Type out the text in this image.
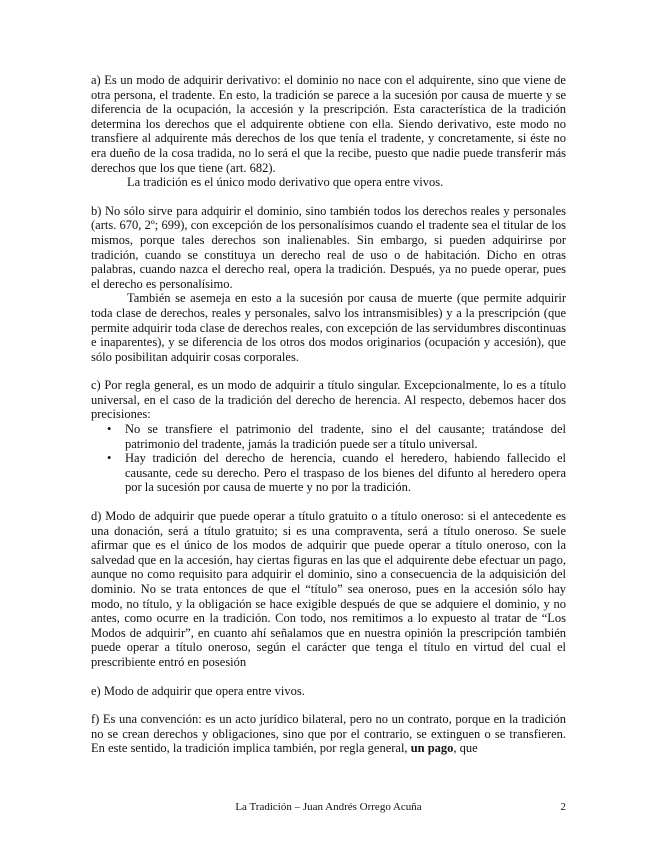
a) Es un modo de adquirir derivativo: el dominio no nace con el adquirente, sino que viene de otra persona, el tradente. En esto, la tradición se parece a la sucesión por causa de muerte y se diferencia de la ocupación, la accesión y la prescripción. Esta característica de la tradición determina los derechos que el adquirente obtiene con ella. Siendo derivativo, este modo no transfiere al adquirente más derechos de los que tenía el tradente, y concretamente, si éste no era dueño de la cosa tradida, no lo será el que la recibe, puesto que nadie puede transferir más derechos que los que tiene (art. 682).

La tradición es el único modo derivativo que opera entre vivos.

b) No sólo sirve para adquirir el dominio, sino también todos los derechos reales y personales (arts. 670, 2º; 699), con excepción de los personalísimos cuando el tradente sea el titular de los mismos, porque tales derechos son inalienables. Sin embargo, si pueden adquirirse por tradición, cuando se constituya un derecho real de uso o de habitación. Dicho en otras palabras, cuando nazca el derecho real, opera la tradición. Después, ya no puede operar, pues el derecho es personalísimo.

También se asemeja en esto a la sucesión por causa de muerte (que permite adquirir toda clase de derechos, reales y personales, salvo los intransmisibles) y a la prescripción (que permite adquirir toda clase de derechos reales, con excepción de las servidumbres discontinuas e inaparentes), y se diferencia de los otros dos modos originarios (ocupación y accesión), que sólo posibilitan adquirir cosas corporales.

c) Por regla general, es un modo de adquirir a título singular. Excepcionalmente, lo es a título universal, en el caso de la tradición del derecho de herencia. Al respecto, debemos hacer dos precisiones:

• No se transfiere el patrimonio del tradente, sino el del causante; tratándose del patrimonio del tradente, jamás la tradición puede ser a título universal.
• Hay tradición del derecho de herencia, cuando el heredero, habiendo fallecido el causante, cede su derecho. Pero el traspaso de los bienes del difunto al heredero opera por la sucesión por causa de muerte y no por la tradición.

d) Modo de adquirir que puede operar a título gratuito o a título oneroso: si el antecedente es una donación, será a título gratuito; si es una compraventa, será a título oneroso. Se suele afirmar que es el único de los modos de adquirir que puede operar a título oneroso, con la salvedad que en la accesión, hay ciertas figuras en las que el adquirente debe efectuar un pago, aunque no como requisito para adquirir el dominio, sino a consecuencia de la adquisición del dominio. No se trata entonces de que el “título” sea oneroso, pues en la accesión sólo hay modo, no título, y la obligación se hace exigible después de que se adquiere el dominio, y no antes, como ocurre en la tradición. Con todo, nos remitimos a lo expuesto al tratar de “Los Modos de adquirir”, en cuanto ahí señalamos que en nuestra opinión la prescripción también puede operar a título oneroso, según el carácter que tenga el título en virtud del cual el prescribiente entró en posesión

e) Modo de adquirir que opera entre vivos.

f) Es una convención: es un acto jurídico bilateral, pero no un contrato, porque en la tradición no se crean derechos y obligaciones, sino que por el contrario, se extinguen o se transfieren. En este sentido, la tradición implica también, por regla general, un pago, que

La Tradición – Juan Andrés Orrego Acuña	2
